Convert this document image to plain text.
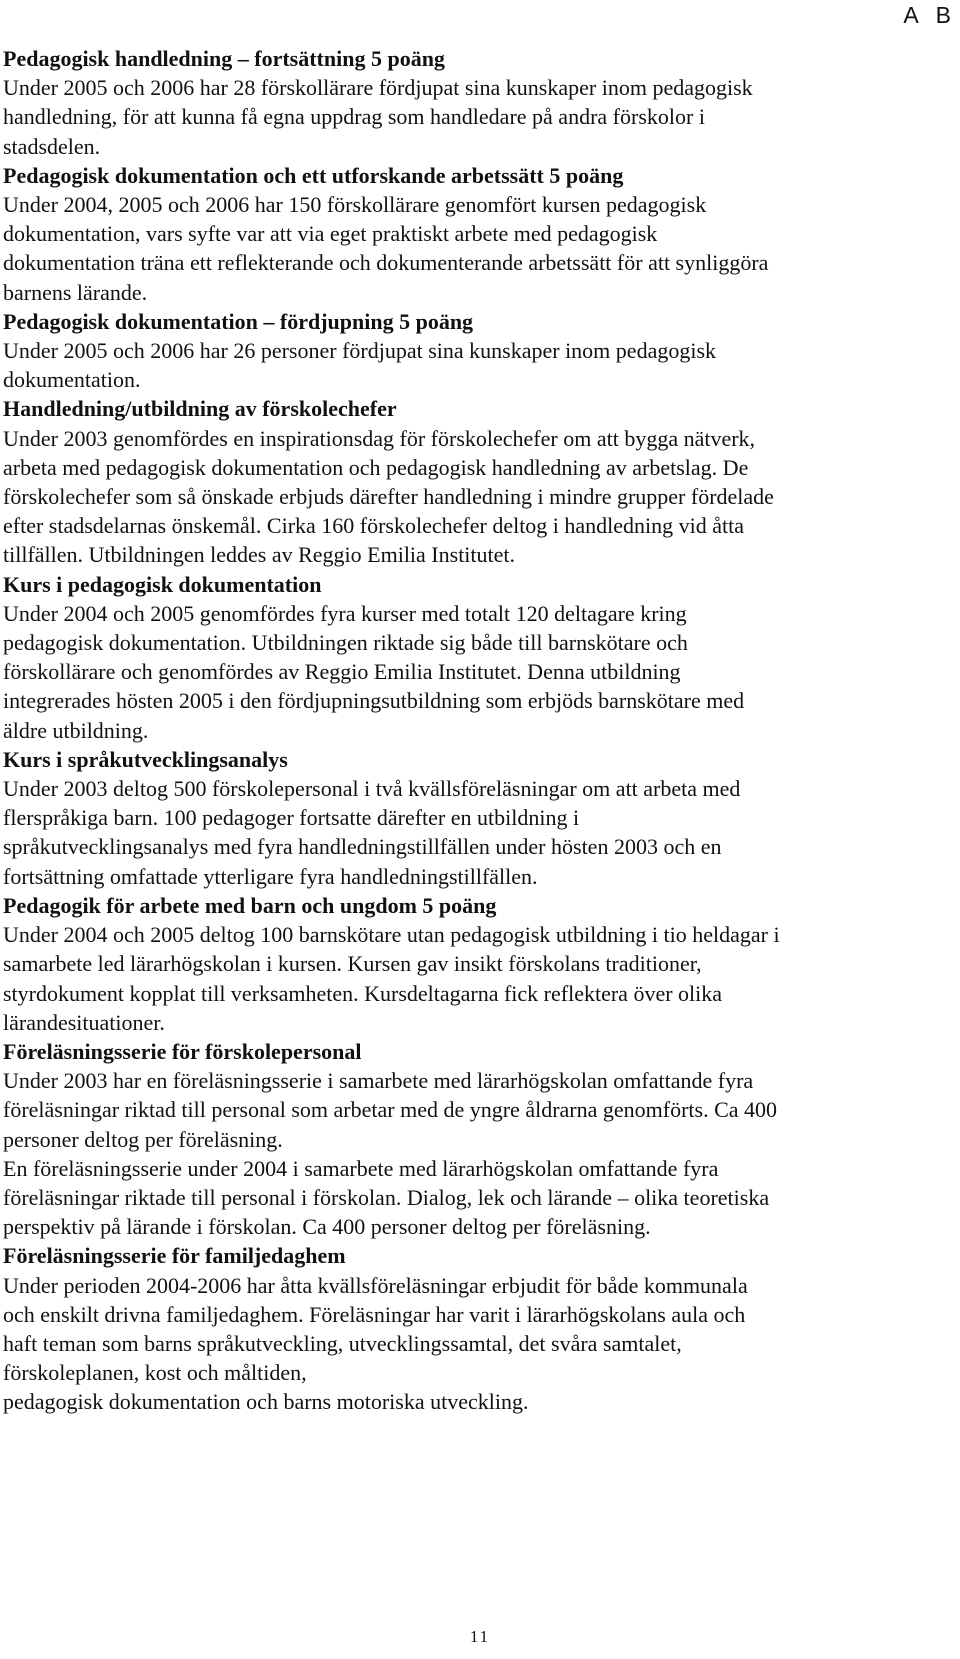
A B
Pedagogisk handledning – fortsättning 5 poäng

Under 2005 och 2006 har 28 förskollärare fördjupat sina kunskaper inom pedagogisk
handledning, för att kunna få egna uppdrag som handledare på andra förskolor i
stadsdelen.

Pedagogisk dokumentation och ett utforskande arbetssätt 5 poäng

Under 2004, 2005 och 2006 har 150 förskollärare genomfört kursen pedagogisk
dokumentation, vars syfte var att via eget praktiskt arbete med pedagogisk
dokumentation träna ett reflekterande och dokumenterande arbetssätt för att synliggöra
barnens lärande.

Pedagogisk dokumentation – fördjupning 5 poäng

Under 2005 och 2006 har 26 personer fördjupat sina kunskaper inom pedagogisk
dokumentation.

Handledning/utbildning av förskolechefer

Under 2003 genomfördes en inspirationsdag för förskolechefer om att bygga nätverk,
arbeta med pedagogisk dokumentation och pedagogisk handledning av arbetslag. De
förskolechefer som så önskade erbjuds därefter handledning i mindre grupper fördelade
efter stadsdelarnas önskemål. Cirka 160 förskolechefer deltog i handledning vid åtta
tillfällen. Utbildningen leddes av Reggio Emilia Institutet.

Kurs i pedagogisk dokumentation

Under 2004 och 2005 genomfördes fyra kurser med totalt 120 deltagare kring
pedagogisk dokumentation. Utbildningen riktade sig både till barnskötare och
förskollärare och genomfördes av Reggio Emilia Institutet. Denna utbildning
integrerades hösten 2005 i den fördjupningsutbildning som erbjöds barnskötare med
äldre utbildning.

Kurs i språkutvecklingsanalys

Under 2003 deltog 500 förskolepersonal i två kvällsföreläsningar om att arbeta med
flerspråkiga barn. 100 pedagoger fortsatte därefter en utbildning i
språkutvecklingsanalys med fyra handledningstillfällen under hösten 2003 och en
fortsättning omfattade ytterligare fyra handledningstillfällen.

Pedagogik för arbete med barn och ungdom 5 poäng

Under 2004 och 2005 deltog 100 barnskötare utan pedagogisk utbildning i tio heldagar i
samarbete led lärarhögskolan i kursen. Kursen gav insikt förskolans traditioner,
styrdokument kopplat till verksamheten. Kursdeltagarna fick reflektera över olika
lärandesituationer.

Föreläsningsserie för förskolepersonal

Under 2003 har en föreläsningsserie i samarbete med lärarhögskolan omfattande fyra
föreläsningar riktad till personal som arbetar med de yngre åldrarna genomförts. Ca 400
personer deltog per föreläsning.

En föreläsningsserie under 2004 i samarbete med lärarhögskolan omfattande fyra
föreläsningar riktade till personal i förskolan. Dialog, lek och lärande – olika teoretiska
perspektiv på lärande i förskolan. Ca 400 personer deltog per föreläsning.

Föreläsningsserie för familjedaghem

Under perioden 2004-2006 har åtta kvällsföreläsningar erbjudit för både kommunala
och enskilt drivna familjedaghem. Föreläsningar har varit i lärarhögskolans aula och
haft teman som barns språkutveckling, utvecklingssamtal, det svåra samtalet,
förskoleplanen, kost och måltiden,
pedagogisk dokumentation och barns motoriska utveckling.

11
